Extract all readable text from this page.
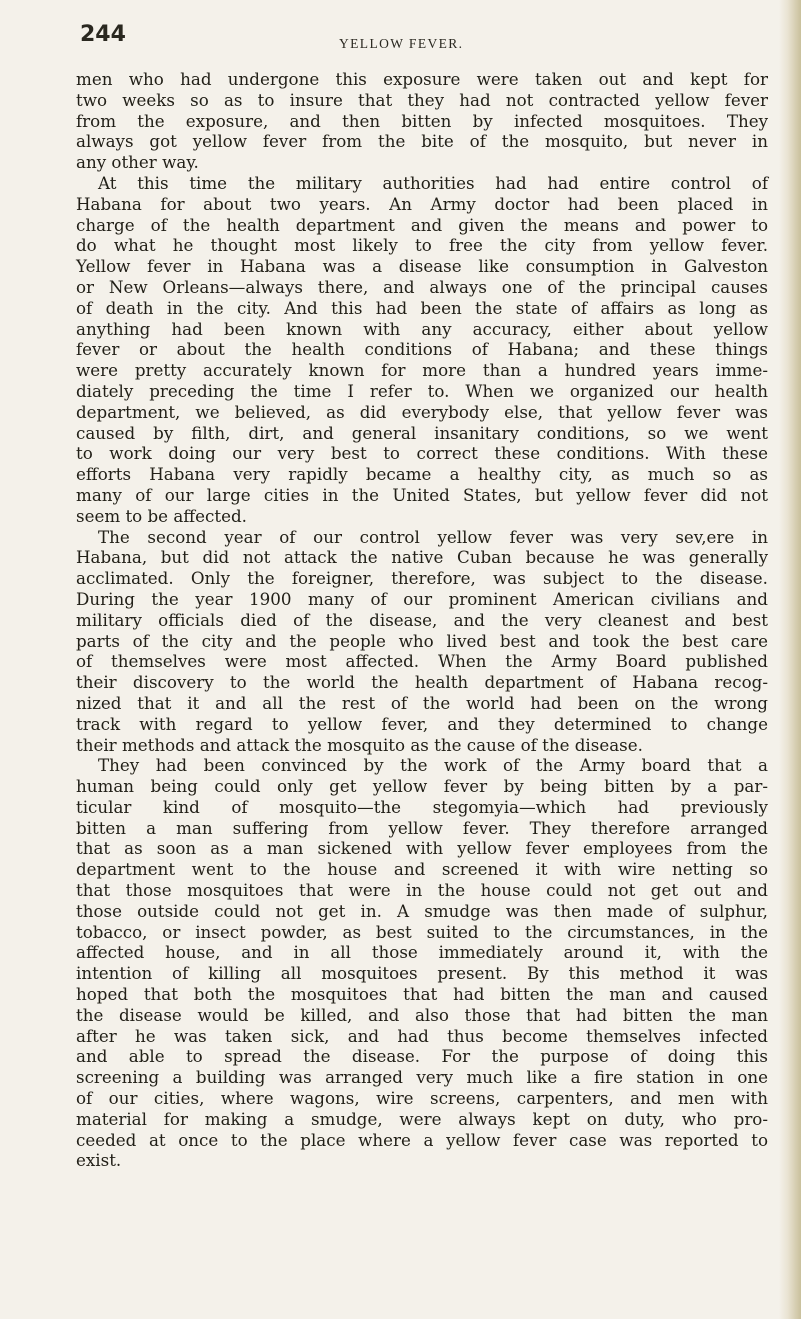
244	YELLOW FEVER.
men who had undergone this exposure were taken out and kept for
two weeks so as to insure that they had not contracted yellow fever
from the exposure, and then bitten by infected mosquitoes. They
always got yellow fever from the bite of the mosquito, but never in
any other way.
At this time the military authorities had had entire control of
Habana for about two years. An Army doctor had been placed in
charge of the health department and given the means and power to
do what he thought most likely to free the city from yellow fever.
Yellow fever in Habana was a disease like consumption in Galveston
or New Orleans—always there, and always one of the principal causes
of death in the city. And this had been the state of affairs as long as
anything had been known with any accuracy, either about yellow
fever or about the health conditions of Habana; and these things
were pretty accurately known for more than a hundred years imme-
diately preceding the time I refer to. When we organized our health
department, we believed, as did everybody else, that yellow fever was
caused by filth, dirt, and general insanitary conditions, so we went
to work doing our very best to correct these conditions. With these
efforts Habana very rapidly became a healthy city, as much so as
many of our large cities in the United States, but yellow fever did not
seem to be affected.
The second year of our control yellow fever was very sev,ere in
Habana, but did not attack the native Cuban because he was generally
acclimated. Only the foreigner, therefore, was subject to the disease.
During the year 1900 many of our prominent American civilians and
military officials died of the disease, and the very cleanest and best
parts of the city and the people who lived best and took the best care
of themselves were most affected. When the Army Board published
their discovery to the world the health department of Habana recog-
nized that it and all the rest of the world had been on the wrong
track with regard to yellow fever, and they determined to change
their methods and attack the mosquito as the cause of the disease.
They had been convinced by the work of the Army board that a
human being could only get yellow fever by being bitten by a par-
ticular kind of mosquito—the stegomyia—which had previously
bitten a man suffering from yellow fever. They therefore arranged
that as soon as a man sickened with yellow fever employees from the
department went to the house and screened it with wire netting so
that those mosquitoes that were in the house could not get out and
those outside could not get in. A smudge was then made of sulphur,
tobacco, or insect powder, as best suited to the circumstances, in the
affected house, and in all those immediately around it, with the
intention of killing all mosquitoes present. By this method it was
hoped that both the mosquitoes that had bitten the man and caused
the disease would be killed, and also those that had bitten the man
after he was taken sick, and had thus become themselves infected
and able to spread the disease. For the purpose of doing this
screening a building was arranged very much like a fire station in one
of our cities, where wagons, wire screens, carpenters, and men with
material for making a smudge, were always kept on duty, who pro-
ceeded at once to the place where a yellow fever case was reported to
exist.
